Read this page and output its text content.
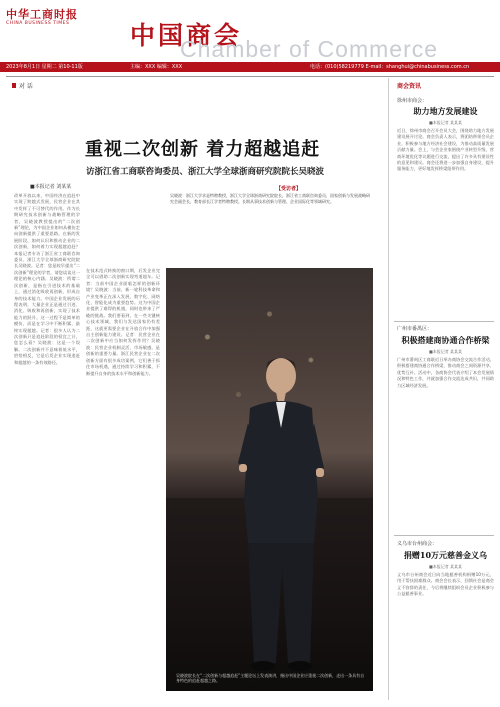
中华工商时报
CHINA BUSINESS TIMES 中国商会
Chamber of Commerce
2023年8月1日 星期二 第10-11版	主编：XXX 编辑：XXX	电话：(010)58219779 E-mail：shanghui@chinabusiness.com.cn
对 话	商会资讯
重视二次创新 着力超越追赶
访浙江省工商联咨询委员、浙江大学全球浙商研究院院长吴晓波
■本报记者 刘某某
改革开放以来，中国经济在追赶中实现了跨越式发展，民营企业在其中发挥了不可替代的作用。作为长期研究技术创新与战略管理的学者，吴晓波教授提出的“二次创新”理论，为中国企业如何从模仿走向创新提供了重要思路。在新的发展阶段，如何认识和推动企业的二次创新，如何着力实现超越追赶？本报记者专访了浙江省工商联咨询委员、浙江大学全球浙商研究院院长吴晓波。记者：您是较早提出“二次创新”理论的学者，请您谈谈这一理论的核心内涵。吴晓波：所谓二次创新，是指在引进技术的基础上，通过消化吸收再创新，形成自身的技术能力。中国企业发展的历程表明，大量企业正是通过引进、消化、吸收和再创新，实现了技术能力的跃升。这一过程不是简单的模仿，而是在学习中不断积累，最终实现超越。记者：很多人认为二次创新只是追赶阶段的权宜之计，您怎么看？吴晓波：这是一个误解。二次创新并不意味着低水平，恰恰相反，它是后发企业实现追赶和超越的一条有效路径。
在技术范式转换的窗口期，后发企业完全可以借助二次创新实现弯道超车。记者：当前中国企业面临怎样的创新环境？吴晓波：当前，新一轮科技革命和产业变革正在深入发展，数字化、网络化、智能化成为重要趋势。这为中国企业提供了难得的机遇，同时也带来了严峻的挑战。我们要看到，在一些关键核心技术领域，我们与发达国家仍有差距，这就更需要企业在开放合作中加强自主创新能力建设。记者：民营企业在二次创新中应当如何发挥作用？吴晓波：民营企业机制灵活、市场敏感，是创新的重要力量。浙江民营企业在二次创新方面有很多成功案例，它们善于抓住市场机遇，通过持续学习和积累，不断提升自身的技术水平和创新能力。
【受访者】
吴晓波：浙江大学求是特聘教授，浙江大学全球浙商研究院院长，浙江省工商联咨询委员，国家创新与发展战略研究会副会长，教育部长江学者特聘教授。长期从事技术创新与管理、企业国际化等领域研究。
吴晓波院长在“二次创新与超越追赶”主题论坛上发表演讲，指出中国企业应重视二次创新，走出一条具有自身特色的追赶超越之路。
徐州市商会：
助力地方发展建设
■本报记者 某某某
近日，徐州市商会召开会员大会，围绕助力地方发展建设展开讨论。商会负责人表示，将团结带领会员企业，积极参与地方经济社会建设，为推动高质量发展贡献力量。会上，与会企业家围绕产业转型升级、营商环境优化等议题进行交流，提出了许多具有建设性的意见和建议。商会还将进一步加强自身建设，提升服务能力，更好地发挥桥梁纽带作用。
广州市番禺区：
积极搭建商协通合作桥梁
■本报记者 某某某
广州市番禺区工商联近日举办商协会交流合作活动，积极搭建商协通合作桥梁，推动商会之间资源共享、优势互补。活动中，各商协会代表介绍了本会发展情况和特色工作，并就加强合作交流达成共识，共同助力区域经济发展。
义乌市台州商会：
捐赠10万元慈善金义乌
■本报记者 某某某
义乌市台州商会近日向当地慈善机构捐赠10万元，用于帮扶困难群众。商会会长表示，回馈社会是商会义不容辞的责任，今后将继续组织会员企业积极参与公益慈善事业。
